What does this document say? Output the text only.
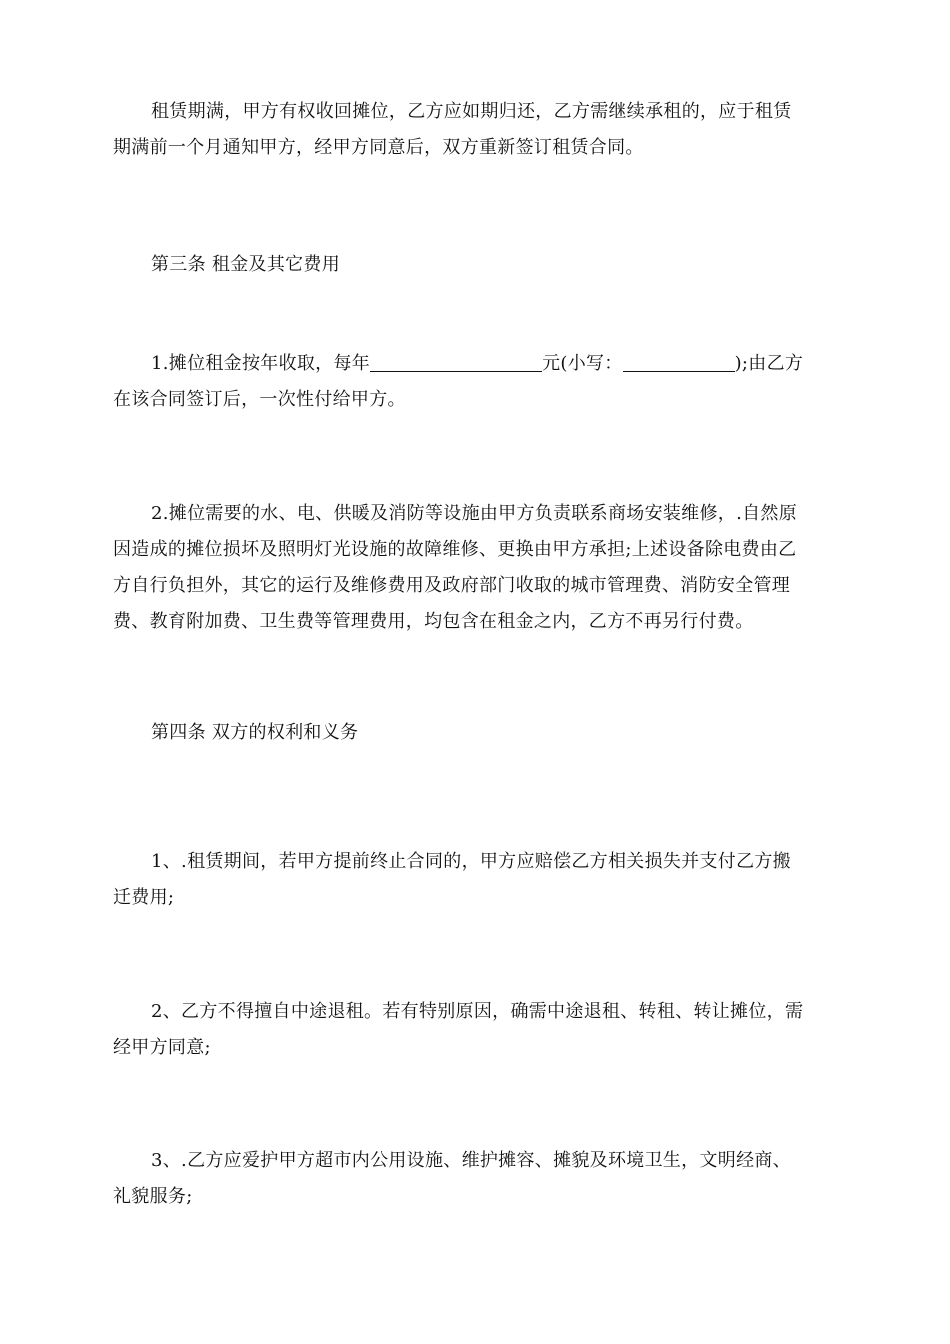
租赁期满，甲方有权收回摊位，乙方应如期归还，乙方需继续承租的，应于租赁
期满前一个月通知甲方，经甲方同意后，双方重新签订租赁合同。
第三条 租金及其它费用
1.摊位租金按年收取，每年	元(小写：	);由乙方
在该合同签订后，一次性付给甲方。
2.摊位需要的水、电、供暖及消防等设施由甲方负责联系商场安装维修，.自然原
因造成的摊位损坏及照明灯光设施的故障维修、更换由甲方承担;上述设备除电费由乙
方自行负担外，其它的运行及维修费用及政府部门收取的城市管理费、消防安全管理
费、教育附加费、卫生费等管理费用，均包含在租金之内，乙方不再另行付费。
第四条 双方的权利和义务
1、.租赁期间，若甲方提前终止合同的，甲方应赔偿乙方相关损失并支付乙方搬
迁费用;
2、乙方不得擅自中途退租。若有特别原因，确需中途退租、转租、转让摊位，需
经甲方同意;
3、.乙方应爱护甲方超市内公用设施、维护摊容、摊貌及环境卫生，文明经商、
礼貌服务;
